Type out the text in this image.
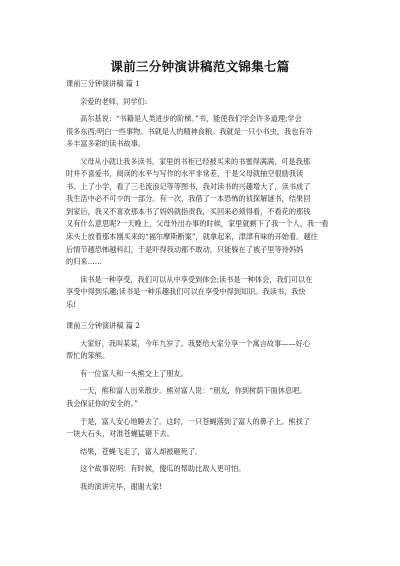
课前三分钟演讲稿范文锦集七篇
课前三分钟演讲稿 篇 1
亲爱的老师、同学们:
高尔基说：“书籍是人类进步的阶梯。”书，能使我们学会许多道理;学会
很多东西;明白一些事物。书就是人的精神食粮。我就是一只小书虫，我也有许
多丰富多彩的读书故事。
父母从小就让我多读书，家里的书柜已经被买来的书塞得满满，可是我那
时并不喜爱书，阅读的水平与写作的水平非常差，于是父母就抽空很励我读
书。上了小学，看了三毛流浪记等等图书，我对读书的兴趣增大了，读书成了
我生活中必不可少的一部分。有一次，我借了一本恐怖的侦探解谜书，结果回
到家后，我又不喜欢那本书了妈妈就指责我，买回来必须得看，不看花的那钱
又有什么意思呢?一天晚上，父母外出办事的时候，家里就剩下了我一个人，我一看
床头上放着那本刚买来的“福尔摩斯断案”，就拿起来，津津有味的开始看。越往
后情节越恐怖越科幻，于是吓得我动都不敢动，只能躲在了被子里等待妈妈
的归来……
读书是一种享受，我们可以从中享受到体会;读书是一种体会，我们可以在
享受中得到乐趣;读书是一种乐趣我们可以在享受中得到知识。我读书，我快
乐!
课前三分钟演讲稿 篇 2
大家好，我叫某某，今年九岁了。我要给大家分享一个寓言故事——好心
帮忙的笨熊。
有一位富人和一头熊交上了朋友。
一天，熊和富人出来散步。熊对富人说：“朋友，你到树荫下面休息吧。
我会保证你的安全的。”
于是，富人安心地睡去了。这时，一只苍蝇落到了富人的鼻子上。熊找了
一块大石头，对准苍蝇猛砸下去。
结果，苍蝇飞走了，富人却被砸死了。
这个故事说明：有时候，傻瓜的帮助比敌人更可怕。
我的演讲完毕，谢谢大家!
